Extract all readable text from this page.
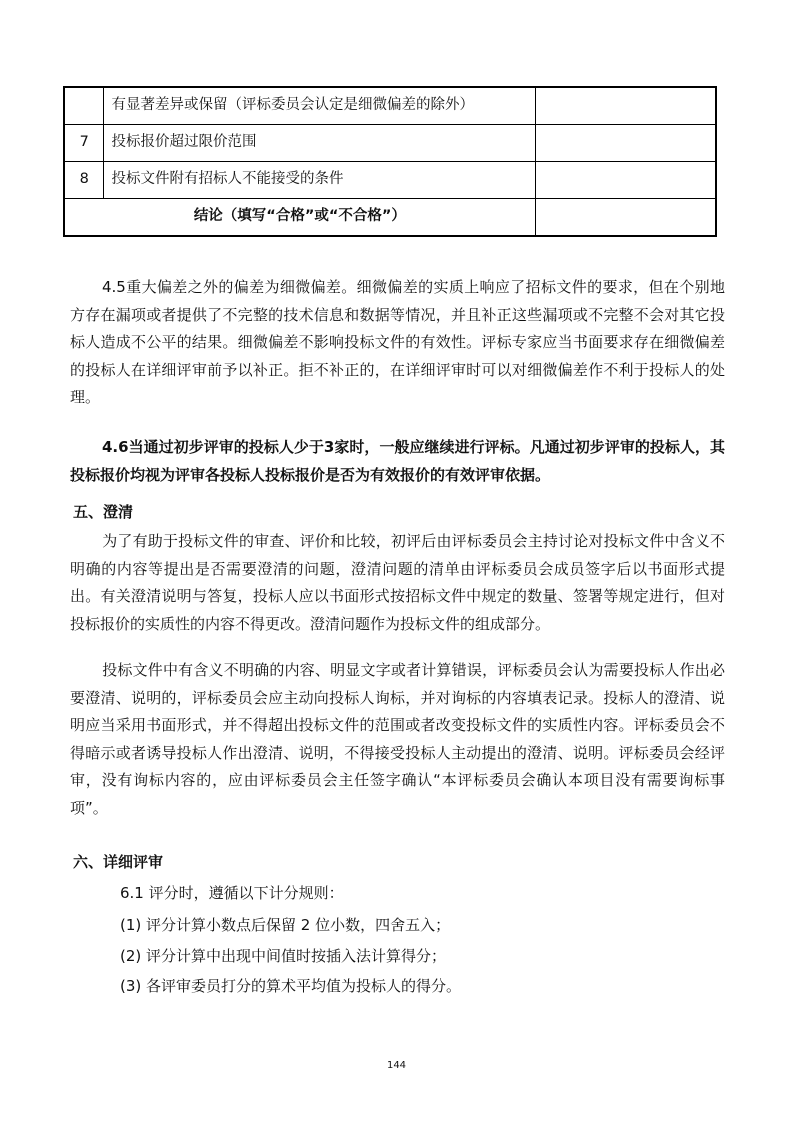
	有显著差异或保留（评标委员会认定是细微偏差的除外）	
7	投标报价超过限价范围	
8	投标文件附有招标人不能接受的条件	
结论（填写“合格”或“不合格”）		

4.5重大偏差之外的偏差为细微偏差。细微偏差的实质上响应了招标文件的要求，但在个别地方存在漏项或者提供了不完整的技术信息和数据等情况，并且补正这些漏项或不完整不会对其它投标人造成不公平的结果。细微偏差不影响投标文件的有效性。评标专家应当书面要求存在细微偏差的投标人在详细评审前予以补正。拒不补正的，在详细评审时可以对细微偏差作不利于投标人的处理。

4.6当通过初步评审的投标人少于3家时，一般应继续进行评标。凡通过初步评审的投标人，其投标报价均视为评审各投标人投标报价是否为有效报价的有效评审依据。

五、澄清

为了有助于投标文件的审查、评价和比较，初评后由评标委员会主持讨论对投标文件中含义不明确的内容等提出是否需要澄清的问题，澄清问题的清单由评标委员会成员签字后以书面形式提出。有关澄清说明与答复，投标人应以书面形式按招标文件中规定的数量、签署等规定进行，但对投标报价的实质性的内容不得更改。澄清问题作为投标文件的组成部分。

投标文件中有含义不明确的内容、明显文字或者计算错误，评标委员会认为需要投标人作出必要澄清、说明的，评标委员会应主动向投标人询标，并对询标的内容填表记录。投标人的澄清、说明应当采用书面形式，并不得超出投标文件的范围或者改变投标文件的实质性内容。评标委员会不得暗示或者诱导投标人作出澄清、说明，不得接受投标人主动提出的澄清、说明。评标委员会经评审，没有询标内容的，应由评标委员会主任签字确认“本评标委员会确认本项目没有需要询标事项”。

六、详细评审

6.1 评分时，遵循以下计分规则：

(1) 评分计算小数点后保留 2 位小数，四舍五入；

(2) 评分计算中出现中间值时按插入法计算得分；

(3) 各评审委员打分的算术平均值为投标人的得分。

144
